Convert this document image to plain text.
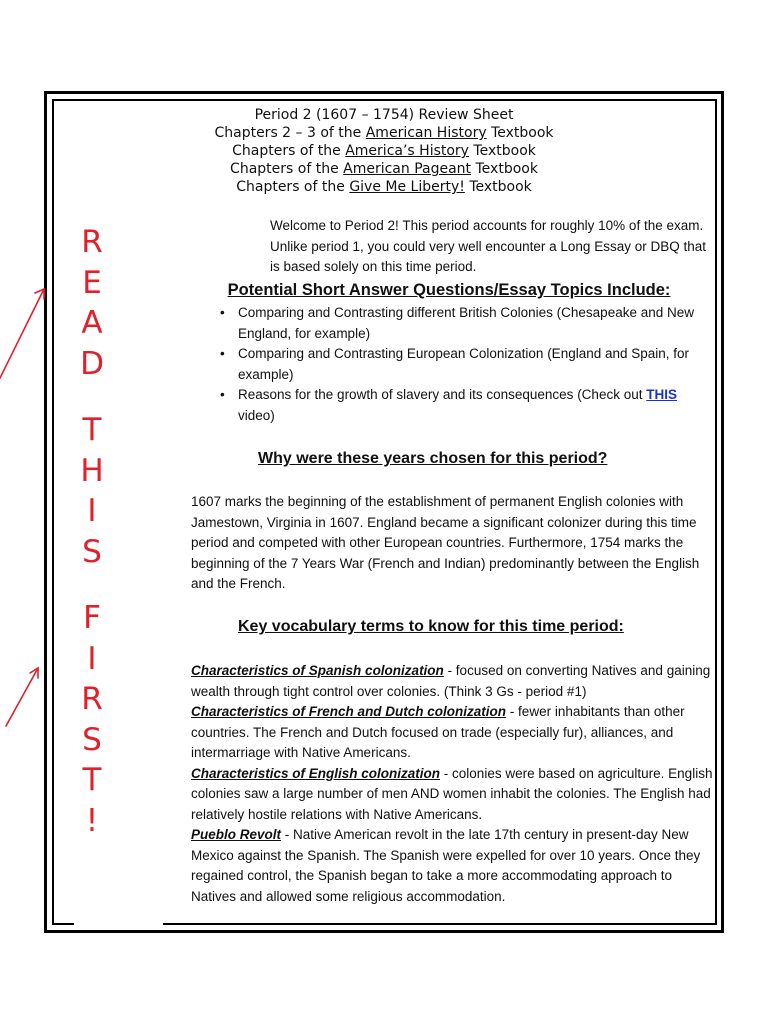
Period 2 (1607 – 1754) Review Sheet
Chapters 2 – 3 of the American History Textbook
Chapters of the America’s History Textbook
Chapters of the American Pageant Textbook
Chapters of the Give Me Liberty! Textbook
Welcome to Period 2! This period accounts for roughly 10% of the exam. Unlike period 1, you could very well encounter a Long Essay or DBQ that is based solely on this time period.
Potential Short Answer Questions/Essay Topics Include:
• Comparing and Contrasting different British Colonies (Chesapeake and New England, for example)
• Comparing and Contrasting European Colonization (England and Spain, for example)
• Reasons for the growth of slavery and its consequences (Check out THIS video)
Why were these years chosen for this period?
1607 marks the beginning of the establishment of permanent English colonies with Jamestown, Virginia in 1607. England became a significant colonizer during this time period and competed with other European countries. Furthermore, 1754 marks the beginning of the 7 Years War (French and Indian) predominantly between the English and the French.
Key vocabulary terms to know for this time period:
Characteristics of Spanish colonization - focused on converting Natives and gaining wealth through tight control over colonies. (Think 3 Gs - period #1)
Characteristics of French and Dutch colonization - fewer inhabitants than other countries. The French and Dutch focused on trade (especially fur), alliances, and intermarriage with Native Americans.
Characteristics of English colonization - colonies were based on agriculture. English colonies saw a large number of men AND women inhabit the colonies. The English had relatively hostile relations with Native Americans.
Pueblo Revolt - Native American revolt in the late 17th century in present-day New Mexico against the Spanish. The Spanish were expelled for over 10 years. Once they regained control, the Spanish began to take a more accommodating approach to Natives and allowed some religious accommodation.
R
E
A
D
T
H
I
S
F
I
R
S
T
!
